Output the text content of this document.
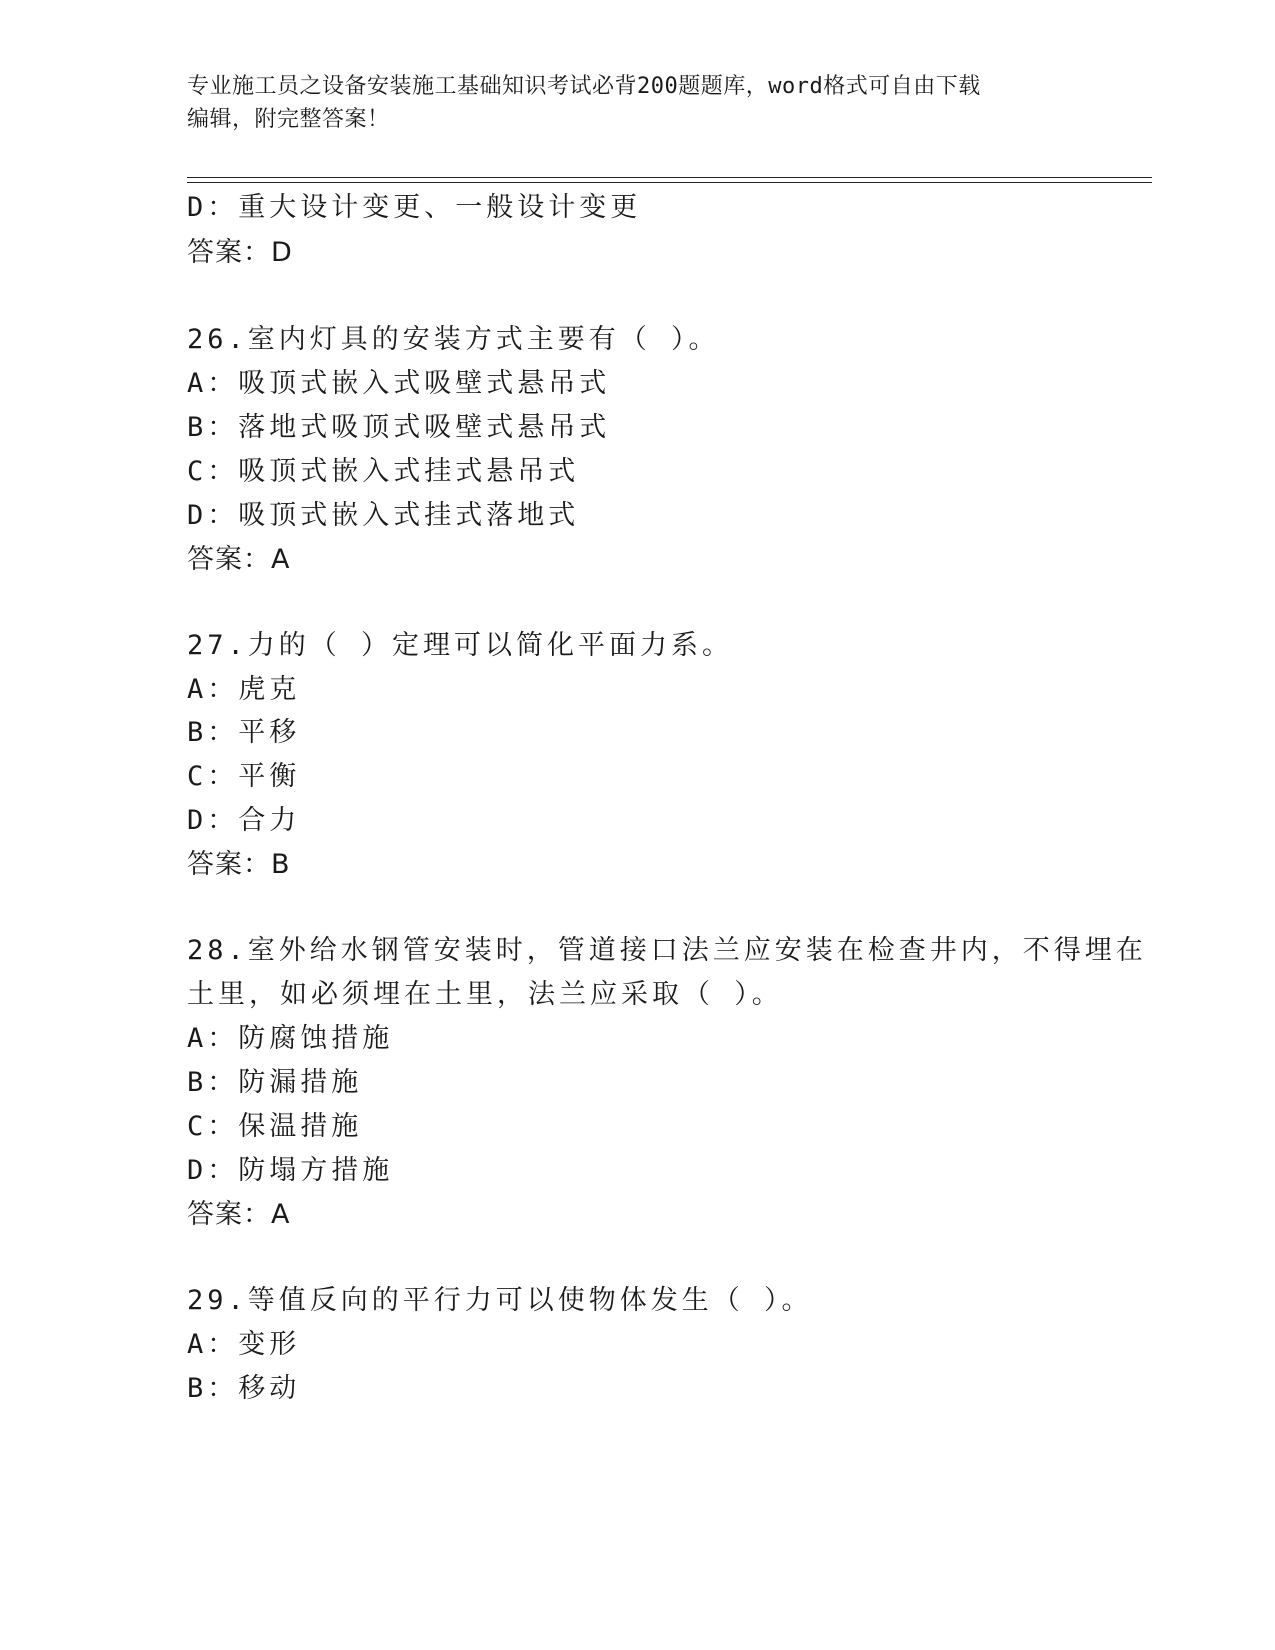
专业施工员之设备安装施工基础知识考试必背200题题库，word格式可自由下载
编辑，附完整答案！
D：重大设计变更、一般设计变更
答案：D
26.室内灯具的安装方式主要有（ ）。
A：吸顶式嵌入式吸壁式悬吊式
B：落地式吸顶式吸壁式悬吊式
C：吸顶式嵌入式挂式悬吊式
D：吸顶式嵌入式挂式落地式
答案：A
27.力的（ ）定理可以简化平面力系。
A：虎克
B：平移
C：平衡
D：合力
答案：B
28.室外给水钢管安装时，管道接口法兰应安装在检查井内，不得埋在
土里，如必须埋在土里，法兰应采取（ ）。
A：防腐蚀措施
B：防漏措施
C：保温措施
D：防塌方措施
答案：A
29.等值反向的平行力可以使物体发生（ ）。
A：变形
B：移动
